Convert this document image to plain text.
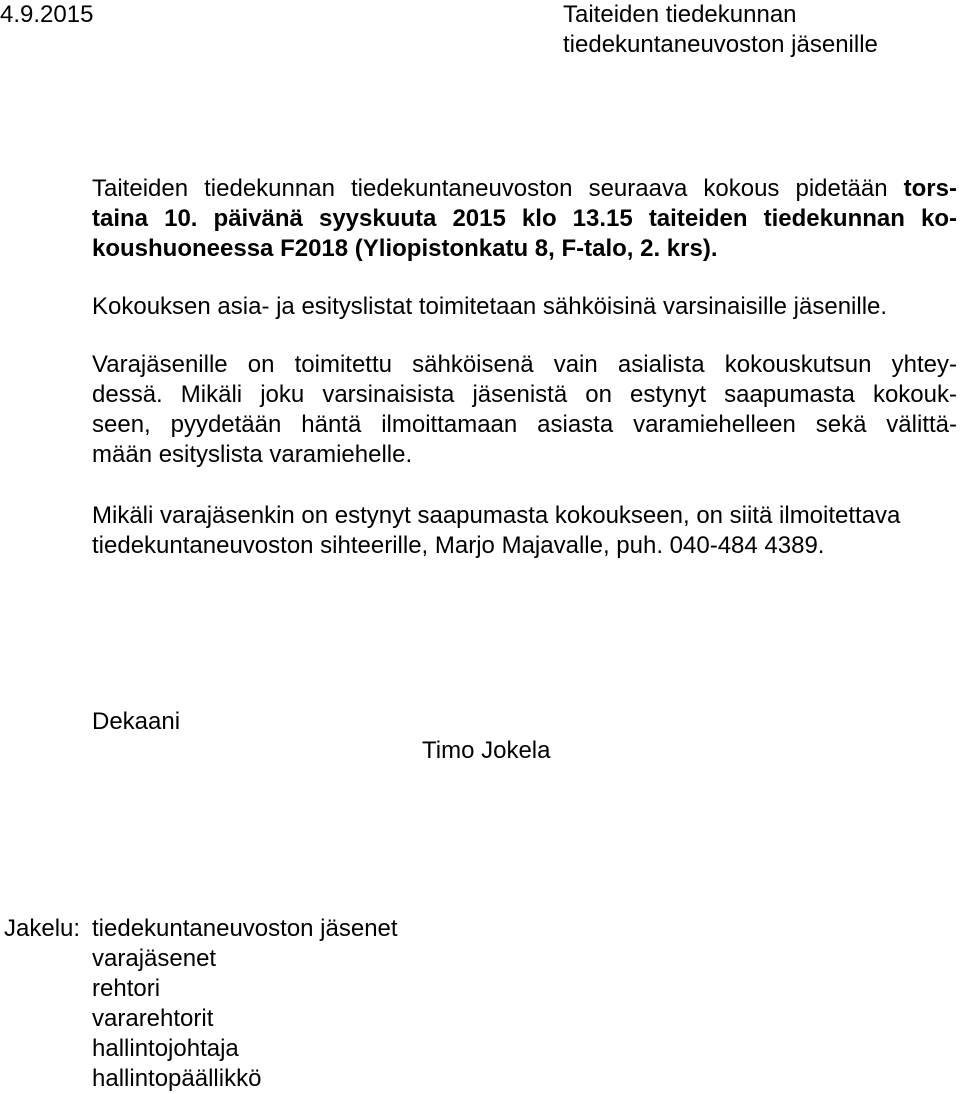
4.9.2015	Taiteiden tiedekunnan
tiedekuntaneuvoston jäsenille
Taiteiden tiedekunnan tiedekuntaneuvoston seuraava kokous pidetään tors-
taina 10. päivänä syyskuuta 2015 klo 13.15 taiteiden tiedekunnan ko-
koushuoneessa F2018 (Yliopistonkatu 8, F-talo, 2. krs).
Kokouksen asia- ja esityslistat toimitetaan sähköisinä varsinaisille jäsenille.
Varajäsenille on toimitettu sähköisenä vain asialista kokouskutsun yhtey-
dessä. Mikäli joku varsinaisista jäsenistä on estynyt saapumasta kokouk-
seen, pyydetään häntä ilmoittamaan asiasta varamiehelleen sekä välittä-
mään esityslista varamiehelle.
Mikäli varajäsenkin on estynyt saapumasta kokoukseen, on siitä ilmoitettava
tiedekuntaneuvoston sihteerille, Marjo Majavalle, puh. 040-484 4389.
Dekaani
Timo Jokela
Jakelu: tiedekuntaneuvoston jäsenet
varajäsenet
rehtori
vararehtorit
hallintojohtaja
hallintopäällikkö
